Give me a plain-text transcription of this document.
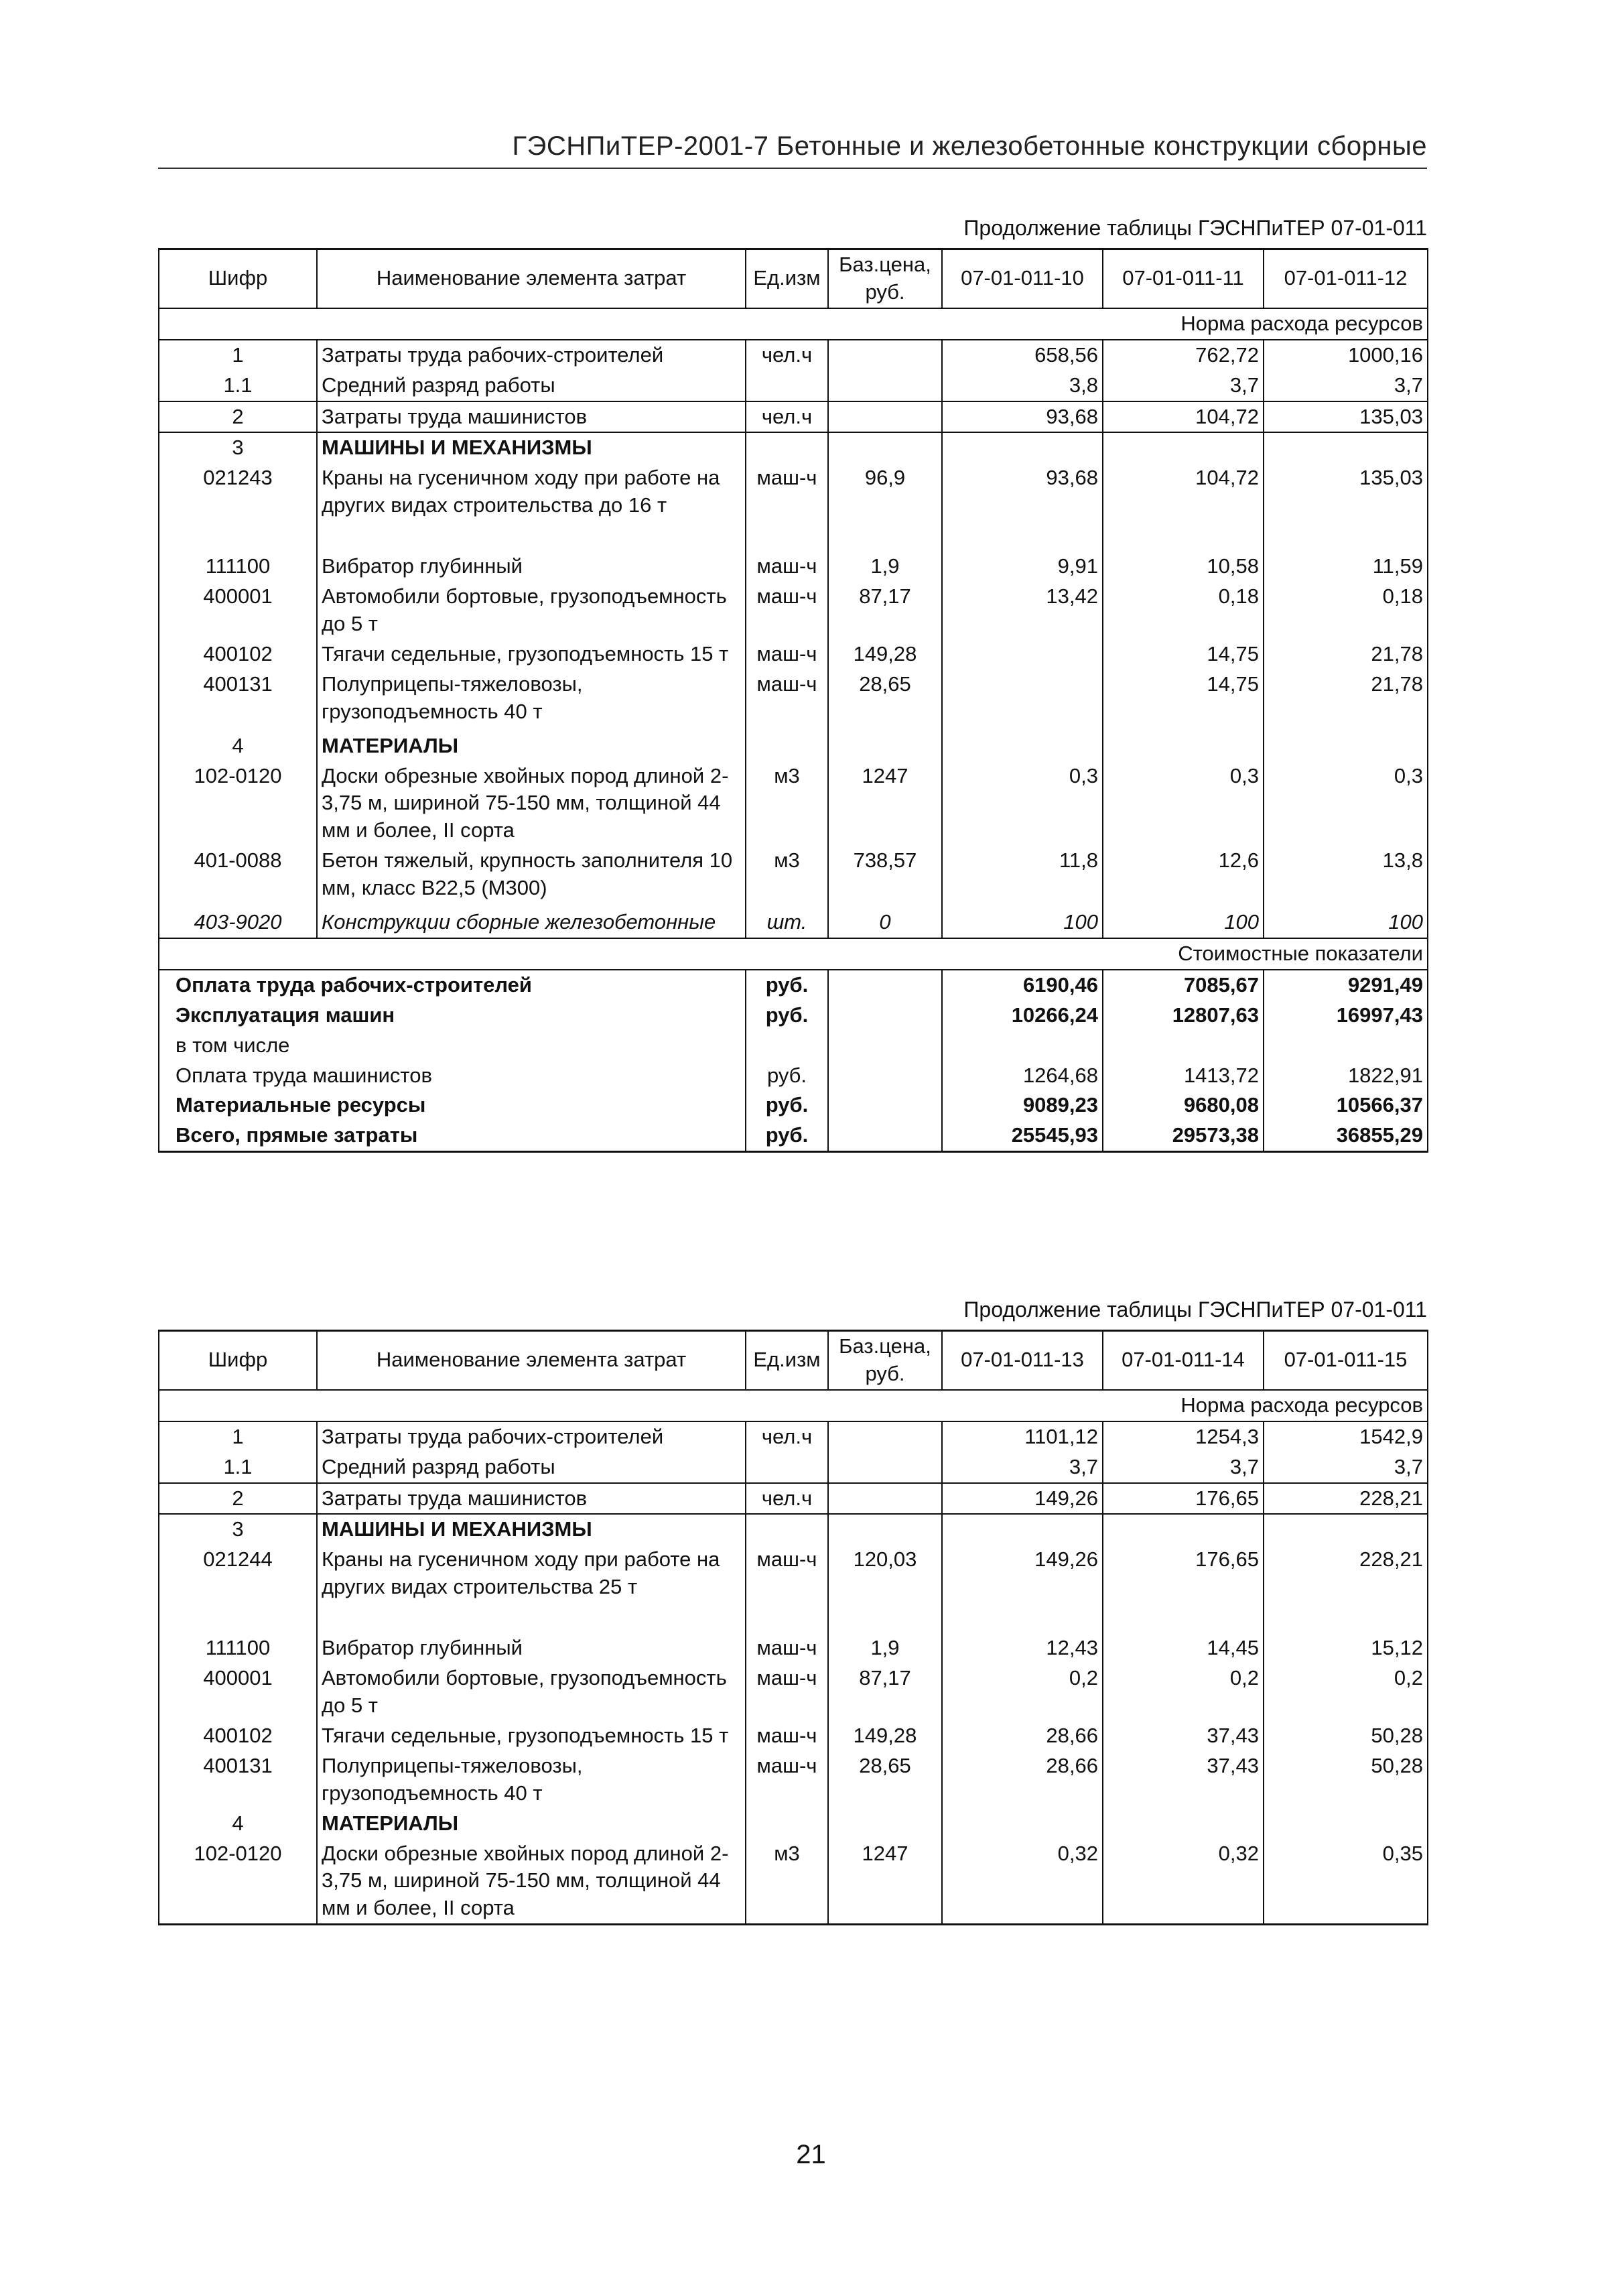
ГЭСНПиТЕР-2001-7 Бетонные и железобетонные конструкции сборные
Продолжение таблицы ГЭСНПиТЕР 07-01-011
Шифр	Наименование элемента затрат	Ед.изм	Баз.цена, руб.	07-01-011-10	07-01-011-11	07-01-011-12
Норма расхода ресурсов						
1	Затраты труда рабочих-строителей	чел.ч		658,56	762,72	1000,16
1.1	Средний разряд работы			3,8	3,7	3,7
2	Затраты труда машинистов	чел.ч		93,68	104,72	135,03
3	МАШИНЫ И МЕХАНИЗМЫ					
021243	Краны на гусеничном ходу при работе на других видах строительства до 16 т	маш-ч	96,9	93,68	104,72	135,03
111100	Вибратор глубинный	маш-ч	1,9	9,91	10,58	11,59
400001	Автомобили бортовые, грузоподъемность до 5 т	маш-ч	87,17	13,42	0,18	0,18
400102	Тягачи седельные, грузоподъемность 15 т	маш-ч	149,28		14,75	21,78
400131	Полуприцепы-тяжеловозы, грузоподъемность 40 т	маш-ч	28,65		14,75	21,78
4	МАТЕРИАЛЫ					
102-0120	Доски обрезные хвойных пород длиной 2-3,75 м, шириной 75-150 мм, толщиной 44 мм и более, II сорта	м3	1247	0,3	0,3	0,3
401-0088	Бетон тяжелый, крупность заполнителя 10 мм, класс В22,5 (М300)	м3	738,57	11,8	12,6	13,8
403-9020	Конструкции сборные железобетонные	шт.	0	100	100	100
Стоимостные показатели						
Оплата труда рабочих-строителей		руб.		6190,46	7085,67	9291,49
Эксплуатация машин		руб.		10266,24	12807,63	16997,43
в том числе						
Оплата труда машинистов		руб.		1264,68	1413,72	1822,91
Материальные ресурсы		руб.		9089,23	9680,08	10566,37
Всего, прямые затраты		руб.		25545,93	29573,38	36855,29
Продолжение таблицы ГЭСНПиТЕР 07-01-011
Шифр	Наименование элемента затрат	Ед.изм	Баз.цена, руб.	07-01-011-13	07-01-011-14	07-01-011-15
Норма расхода ресурсов						
1	Затраты труда рабочих-строителей	чел.ч		1101,12	1254,3	1542,9
1.1	Средний разряд работы			3,7	3,7	3,7
2	Затраты труда машинистов	чел.ч		149,26	176,65	228,21
3	МАШИНЫ И МЕХАНИЗМЫ					
021244	Краны на гусеничном ходу при работе на других видах строительства 25 т	маш-ч	120,03	149,26	176,65	228,21
111100	Вибратор глубинный	маш-ч	1,9	12,43	14,45	15,12
400001	Автомобили бортовые, грузоподъемность до 5 т	маш-ч	87,17	0,2	0,2	0,2
400102	Тягачи седельные, грузоподъемность 15 т	маш-ч	149,28	28,66	37,43	50,28
400131	Полуприцепы-тяжеловозы, грузоподъемность 40 т	маш-ч	28,65	28,66	37,43	50,28
4	МАТЕРИАЛЫ					
102-0120	Доски обрезные хвойных пород длиной 2-3,75 м, шириной 75-150 мм, толщиной 44 мм и более, II сорта	м3	1247	0,32	0,32	0,35
21
